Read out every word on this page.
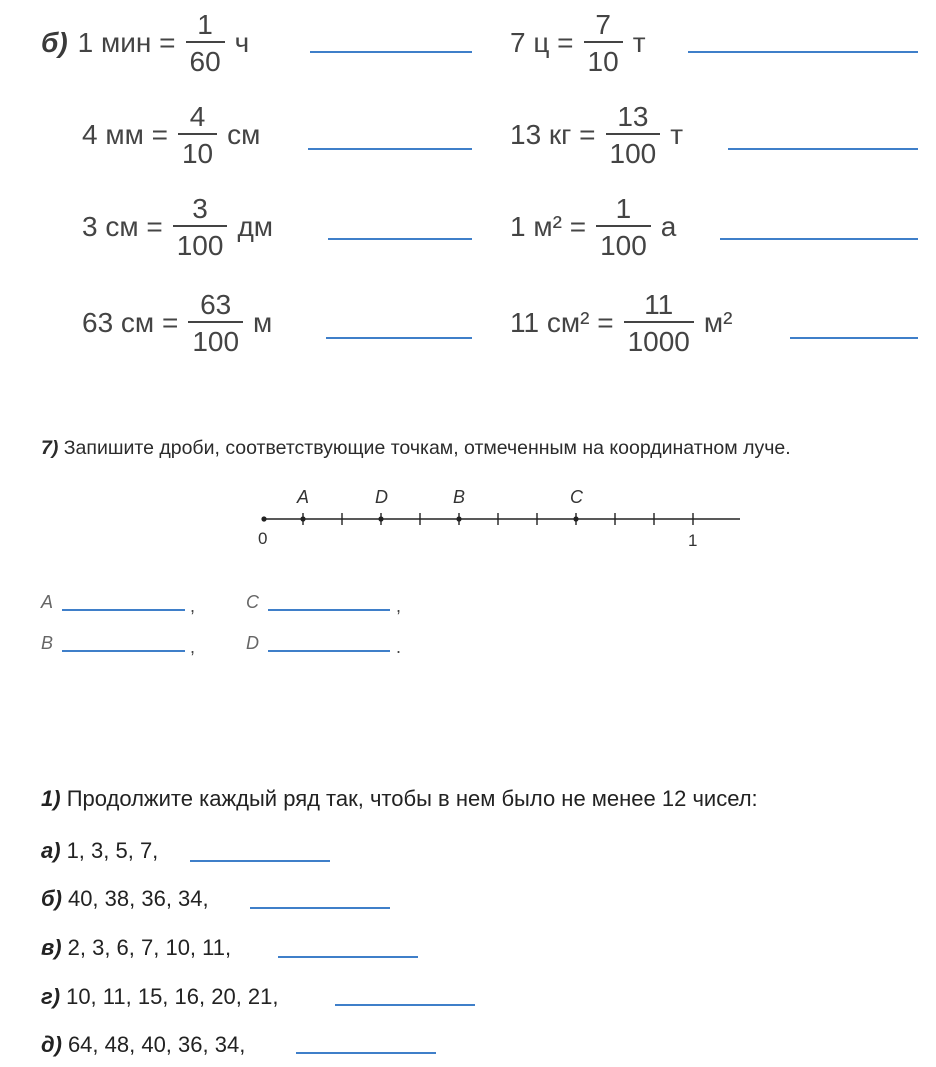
б) 1 мин = $\frac{1}{60}$ ч	7 $ц = \frac{7}{10}$ т
4 мм = $\frac{4}{10}$ см	13 кг = $\frac{13}{100}$ т
3 см = $\frac{3}{100}$ дм	1 $м^2 = \frac{1}{100}$ а
63 см = $\frac{63}{100}$ м	11 $см^2 = \frac{11}{1000} м^2$
7) Запишите дроби, соответствующие точкам, отмеченным на координатном луче.
0	1
A	D	B	C
A	,	C	,
B	,	D	.
1) Продолжите каждый ряд так, чтобы в нем было не менее 12 чисел:
а) 1, 3, 5, 7,
б) 40, 38, 36, 34,
в) 2, 3, 6, 7, 10, 11,
г) 10, 11, 15, 16, 20, 21,
д) 64, 48, 40, 36, 34,
